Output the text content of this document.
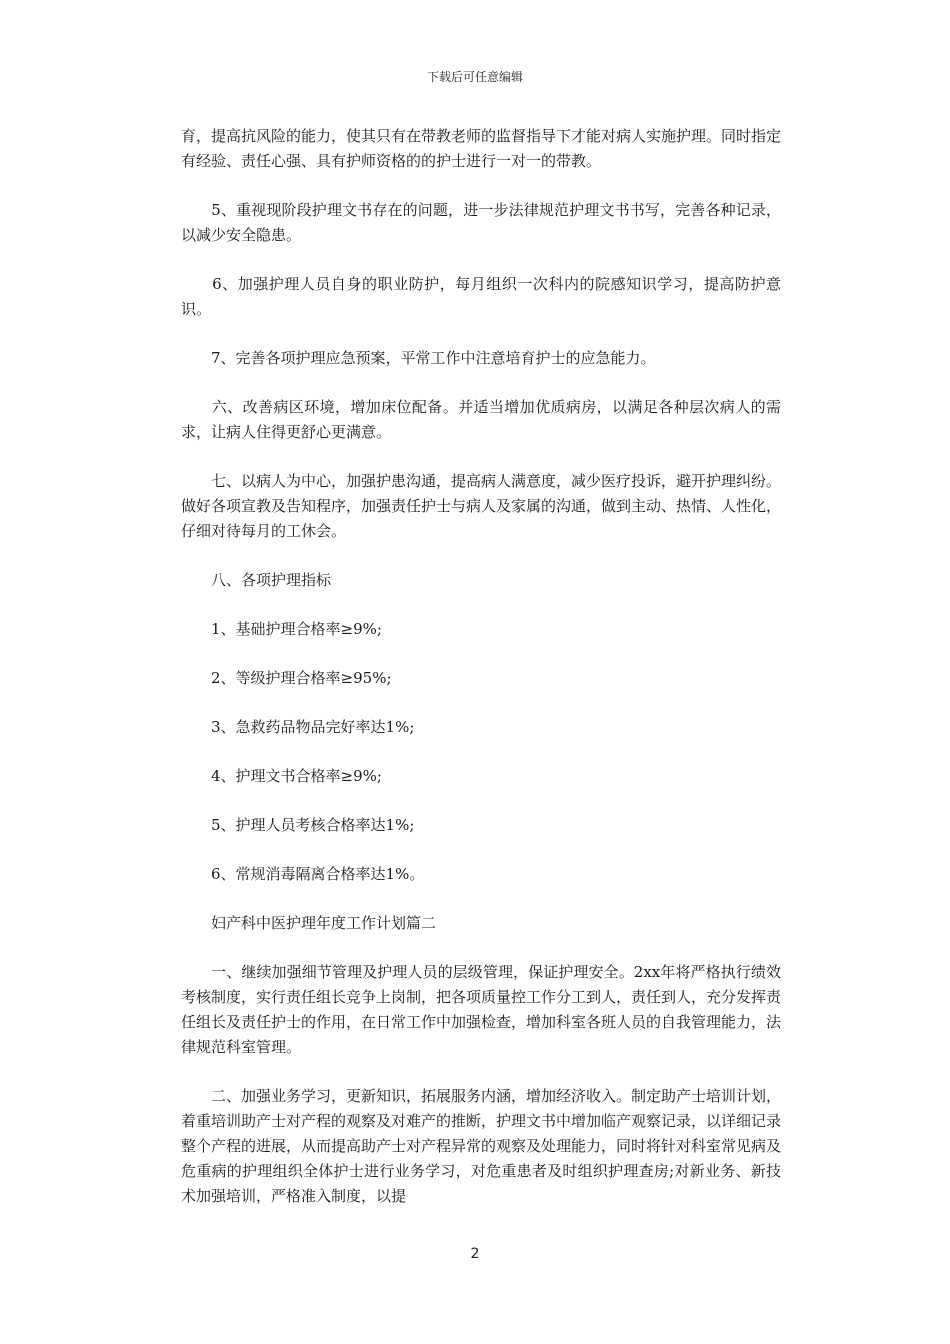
下载后可任意编辑

育，提高抗风险的能力，使其只有在带教老师的监督指导下才能对病人实施护理。同时指定有经验、责任心强、具有护师资格的的护士进行一对一的带教。

　　5、重视现阶段护理文书存在的问题，进一步法律规范护理文书书写，完善各种记录，以减少安全隐患。

　　6、加强护理人员自身的职业防护，每月组织一次科内的院感知识学习，提高防护意识。

　　7、完善各项护理应急预案，平常工作中注意培育护士的应急能力。

　　六、改善病区环境，增加床位配备。并适当增加优质病房，以满足各种层次病人的需求，让病人住得更舒心更满意。

　　七、以病人为中心，加强护患沟通，提高病人满意度，减少医疗投诉，避开护理纠纷。做好各项宣教及告知程序，加强责任护士与病人及家属的沟通，做到主动、热情、人性化，仔细对待每月的工休会。

　　八、各项护理指标

　　1、基础护理合格率≥9%;

　　2、等级护理合格率≥95%;

　　3、急救药品物品完好率达1%;

　　4、护理文书合格率≥9%;

　　5、护理人员考核合格率达1%;

　　6、常规消毒隔离合格率达1%。

　　妇产科中医护理年度工作计划篇二

　　一、继续加强细节管理及护理人员的层级管理，保证护理安全。2xx年将严格执行绩效考核制度，实行责任组长竞争上岗制，把各项质量控工作分工到人，责任到人，充分发挥责任组长及责任护士的作用，在日常工作中加强检查，增加科室各班人员的自我管理能力，法律规范科室管理。

　　二、加强业务学习，更新知识，拓展服务内涵，增加经济收入。制定助产士培训计划，着重培训助产士对产程的观察及对难产的推断，护理文书中增加临产观察记录，以详细记录整个产程的进展，从而提高助产士对产程异常的观察及处理能力，同时将针对科室常见病及危重病的护理组织全体护士进行业务学习，对危重患者及时组织护理查房;对新业务、新技术加强培训，严格准入制度，以提

2
